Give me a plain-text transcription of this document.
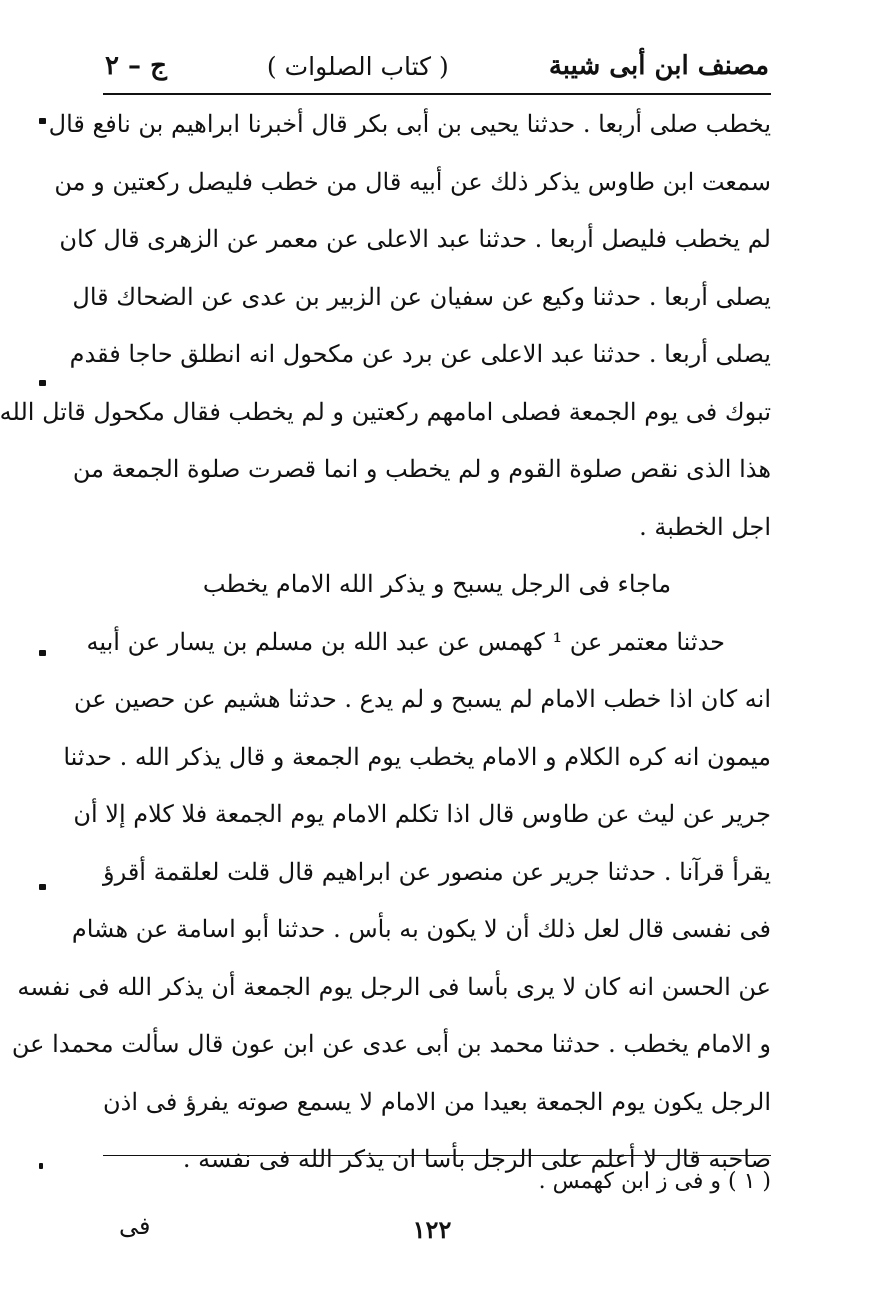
مصنف ابن أبى شيبة
( كتاب الصلوات )
ج – ٢
يخطب صلى أربعا . حدثنا يحيى بن أبى بكر قال أخبرنا ابراهيم بن نافع قال
سمعت ابن طاوس يذكر ذلك عن أبيه قال من خطب فليصل ركعتين و من
لم يخطب فليصل أربعا . حدثنا عبد الاعلى عن معمر عن الزهرى قال كان
يصلى أربعا . حدثنا وكيع عن سفيان عن الزبير بن عدى عن الضحاك قال
يصلى أربعا . حدثنا عبد الاعلى عن برد عن مكحول انه انطلق حاجا فقدم
تبوك فى يوم الجمعة فصلى امامهم ركعتين و لم يخطب فقال مكحول قاتل الله
هذا الذى نقص صلوة القوم و لم يخطب و انما قصرت صلوة الجمعة من
اجل الخطبة .
ماجاء فى الرجل يسبح و يذكر الله الامام يخطب
حدثنا معتمر عن ¹ كهمس عن عبد الله بن مسلم بن يسار عن أبيه
انه كان اذا خطب الامام لم يسبح و لم يدع . حدثنا هشيم عن حصين عن
ميمون انه كره الكلام و الامام يخطب يوم الجمعة و قال يذكر الله . حدثنا
جرير عن ليث عن طاوس قال اذا تكلم الامام يوم الجمعة فلا كلام إلا أن
يقرأ قرآنا . حدثنا جرير عن منصور عن ابراهيم قال قلت لعلقمة أقرؤ
فى نفسى قال لعل ذلك أن لا يكون به بأس . حدثنا أبو اسامة عن هشام
عن الحسن انه كان لا يرى بأسا فى الرجل يوم الجمعة أن يذكر الله فى نفسه
و الامام يخطب . حدثنا محمد بن أبى عدى عن ابن عون قال سألت محمدا عن
الرجل يكون يوم الجمعة بعيدا من الامام لا يسمع صوته يفرؤ فى اذن
صاحبه قال لا أعلم على الرجل بأسا ان يذكر الله فى نفسه .
( ١ ) و فى ز ابن كهمس .
١٢٢
فى
